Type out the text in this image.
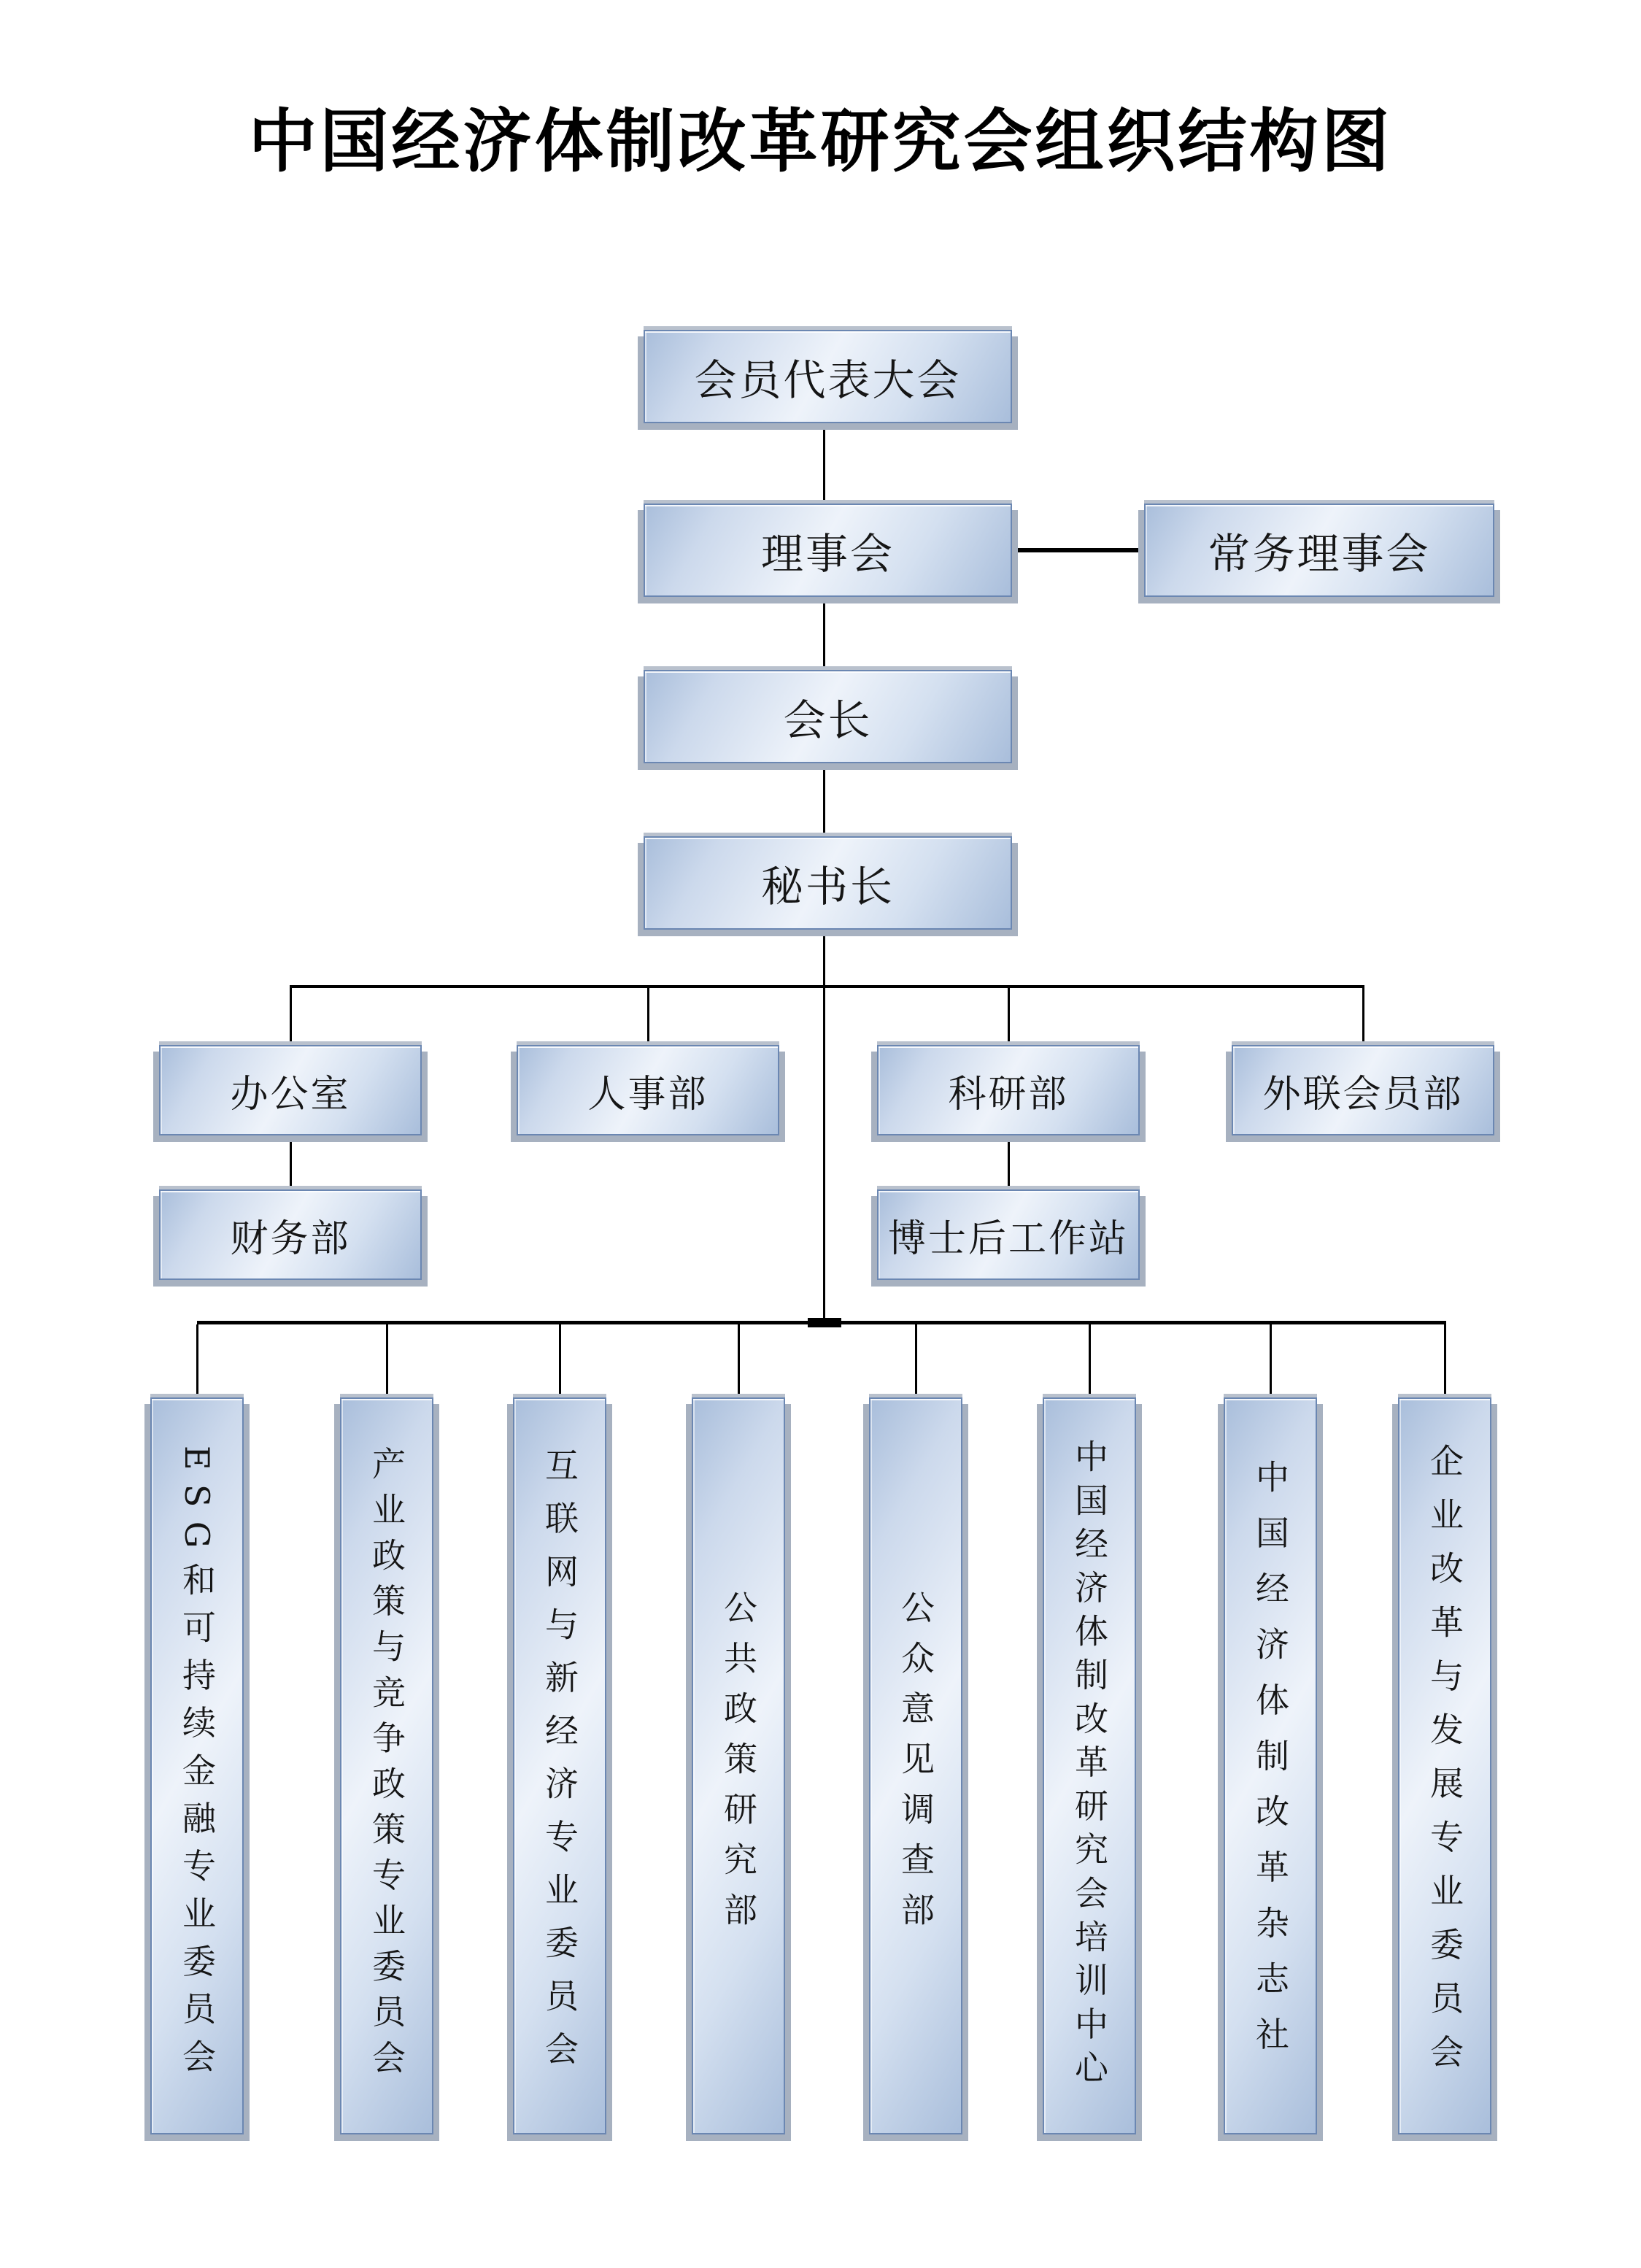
中国经济体制改革研究会组织结构图
会员代表大会
理事会	常务理事会
会长
秘书长
办公室	人事部	科研部	外联会员部
财务部	博士后工作站
ESG和可持续金融专业委员会	产业政策与竞争政策专业委员会	互联网与新经济专业委员会	公共政策研究部	公众意见调查部	中国经济体制改革研究会培训中心	中国经济体制改革杂志社	企业改革与发展专业委员会
